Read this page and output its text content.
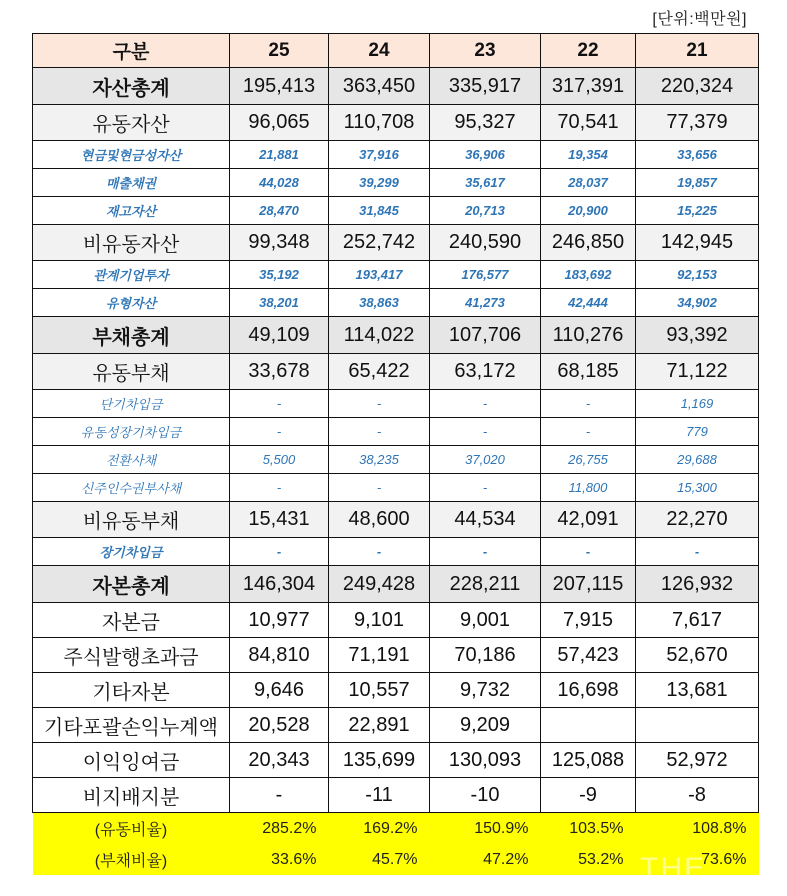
[단위:백만원]
구분	25	24	23	22	21
자산총계	195,413	363,450	335,917	317,391	220,324
유동자산	96,065	110,708	95,327	70,541	77,379
현금및현금성자산	21,881	37,916	36,906	19,354	33,656
매출채권	44,028	39,299	35,617	28,037	19,857
재고자산	28,470	31,845	20,713	20,900	15,225
비유동자산	99,348	252,742	240,590	246,850	142,945
관계기업투자	35,192	193,417	176,577	183,692	92,153
유형자산	38,201	38,863	41,273	42,444	34,902
부채총계	49,109	114,022	107,706	110,276	93,392
유동부채	33,678	65,422	63,172	68,185	71,122
단기차입금	-	-	-	-	1,169
유동성장기차입금	-	-	-	-	779
전환사채	5,500	38,235	37,020	26,755	29,688
신주인수권부사채	-	-	-	11,800	15,300
비유동부채	15,431	48,600	44,534	42,091	22,270
장기차입금	-	-	-	-	-
자본총계	146,304	249,428	228,211	207,115	126,932
자본금	10,977	9,101	9,001	7,915	7,617
주식발행초과금	84,810	71,191	70,186	57,423	52,670
기타자본	9,646	10,557	9,732	16,698	13,681
기타포괄손익누계액	20,528	22,891	9,209		
이익잉여금	20,343	135,699	130,093	125,088	52,972
비지배지분	-	-11	-10	-9	-8
(유동비율)	285.2%	169.2%	150.9%	103.5%	108.8%
(부채비율)	33.6%	45.7%	47.2%	53.2%	73.6%
THE
